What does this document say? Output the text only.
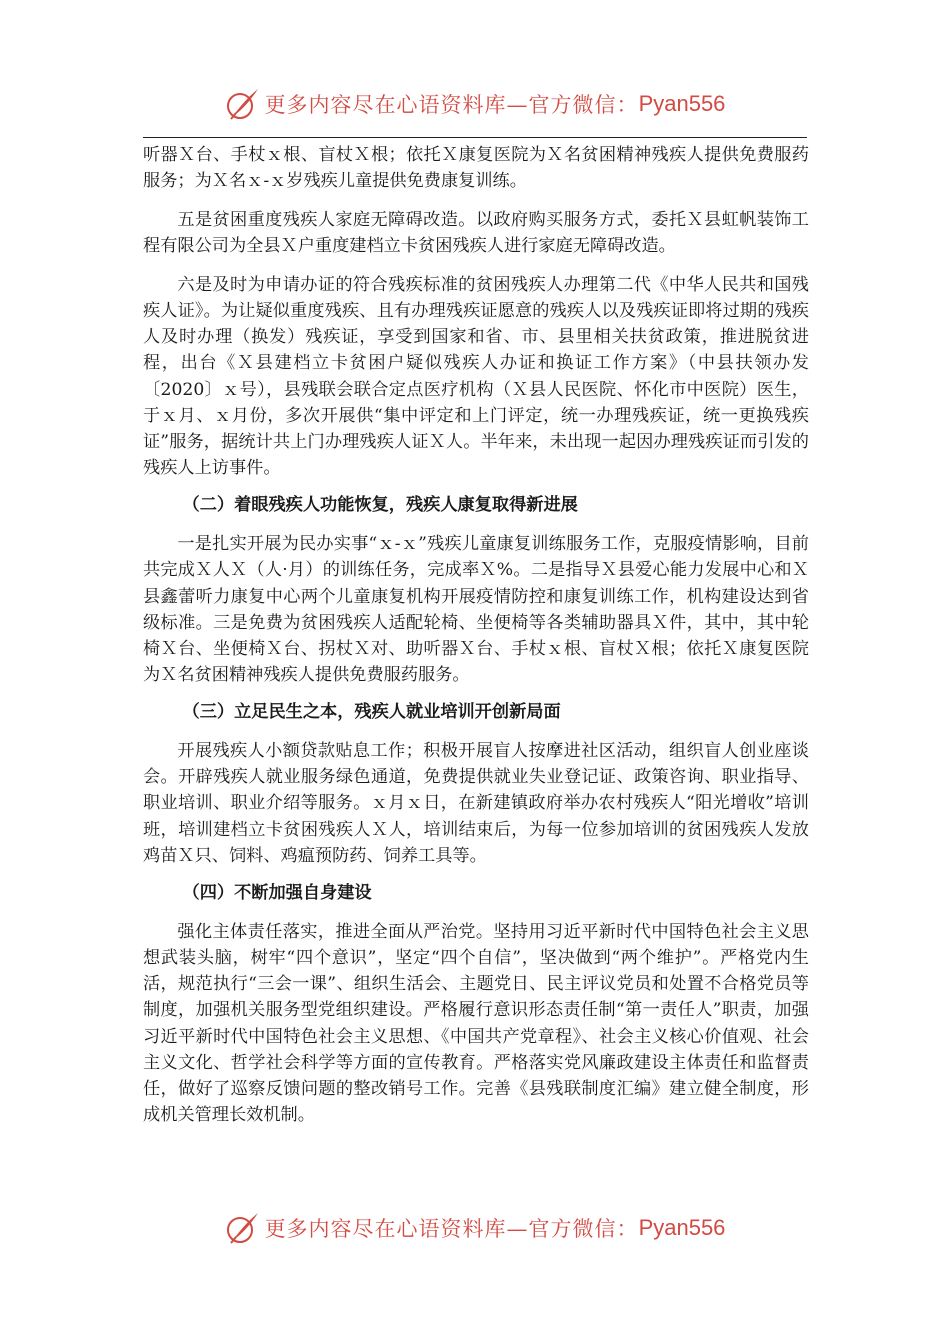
更多内容尽在心语资料库—官方微信： Pyan556

听器Ｘ台、手杖ｘ根、盲杖Ｘ根；依托Ｘ康复医院为Ｘ名贫困精神残疾人提供免费服药服务；为Ｘ名ｘ-ｘ岁残疾儿童提供免费康复训练。

五是贫困重度残疾人家庭无障碍改造。以政府购买服务方式，委托Ｘ县虹帆装饰工程有限公司为全县Ｘ户重度建档立卡贫困残疾人进行家庭无障碍改造。

六是及时为申请办证的符合残疾标准的贫困残疾人办理第二代《中华人民共和国残疾人证》。为让疑似重度残疾、且有办理残疾证愿意的残疾人以及残疾证即将过期的残疾人及时办理（换发）残疾证，享受到国家和省、市、县里相关扶贫政策，推进脱贫进程，出台《Ｘ县建档立卡贫困户疑似残疾人办证和换证工作方案》（中县扶领办发〔2020〕ｘ号），县残联会联合定点医疗机构（Ｘ县人民医院、怀化市中医院）医生，于ｘ月、ｘ月份，多次开展供“集中评定和上门评定，统一办理残疾证，统一更换残疾证”服务，据统计共上门办理残疾人证Ｘ人。半年来，未出现一起因办理残疾证而引发的残疾人上访事件。

（二）着眼残疾人功能恢复，残疾人康复取得新进展

一是扎实开展为民办实事“ｘ-ｘ”残疾儿童康复训练服务工作，克服疫情影响，目前共完成Ｘ人Ｘ（人·月）的训练任务，完成率Ｘ%。二是指导Ｘ县爱心能力发展中心和Ｘ县鑫蕾听力康复中心两个儿童康复机构开展疫情防控和康复训练工作，机构建设达到省级标准。三是免费为贫困残疾人适配轮椅、坐便椅等各类辅助器具Ｘ件，其中，其中轮椅Ｘ台、坐便椅Ｘ台、拐杖Ｘ对、助听器Ｘ台、手杖ｘ根、盲杖Ｘ根；依托Ｘ康复医院为Ｘ名贫困精神残疾人提供免费服药服务。

（三）立足民生之本，残疾人就业培训开创新局面

开展残疾人小额贷款贴息工作；积极开展盲人按摩进社区活动，组织盲人创业座谈会。开辟残疾人就业服务绿色通道，免费提供就业失业登记证、政策咨询、职业指导、职业培训、职业介绍等服务。ｘ月ｘ日，在新建镇政府举办农村残疾人“阳光增收”培训班，培训建档立卡贫困残疾人Ｘ人，培训结束后，为每一位参加培训的贫困残疾人发放鸡苗Ｘ只、饲料、鸡瘟预防药、饲养工具等。

（四）不断加强自身建设

强化主体责任落实，推进全面从严治党。坚持用习近平新时代中国特色社会主义思想武装头脑，树牢“四个意识”，坚定“四个自信”，坚决做到“两个维护”。严格党内生活，规范执行“三会一课”、组织生活会、主题党日、民主评议党员和处置不合格党员等制度，加强机关服务型党组织建设。严格履行意识形态责任制“第一责任人”职责，加强习近平新时代中国特色社会主义思想、《中国共产党章程》、社会主义核心价值观、社会主义文化、哲学社会科学等方面的宣传教育。严格落实党风廉政建设主体责任和监督责任，做好了巡察反馈问题的整改销号工作。完善《县残联制度汇编》建立健全制度，形成机关管理长效机制。

更多内容尽在心语资料库—官方微信： Pyan556
